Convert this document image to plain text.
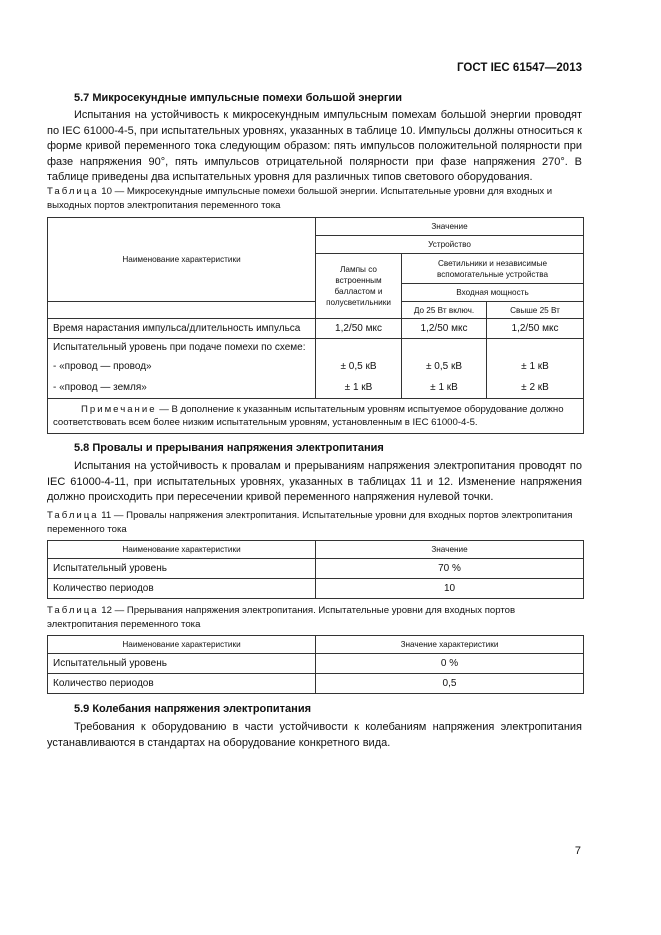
ГОСТ IEC 61547—2013
5.7 Микросекундные импульсные помехи большой энергии
Испытания на устойчивость к микросекундным импульсным помехам большой энергии проводят по IEC 61000-4-5, при испытательных уровнях, указанных в таблице 10. Импульсы должны относиться к форме кривой переменного тока следующим образом: пять импульсов положительной полярности при фазе напряжения 90°, пять импульсов отрицательной полярности при фазе напряжения 270°. В таблице приведены два испытательных уровня для различных типов светового оборудования.
Таблица 10 — Микросекундные импульсные помехи большой энергии. Испытательные уровни для входных и выходных портов электропитания переменного тока
Наименование характеристики	Значение		
	Устройство		
	Лампы со встроенным балластом и полусветильники	Светильники и независимые вспомогательные устройства	
		Входная мощность	
		До 25 Вт включ.	Свыше 25 Вт
Время нарастания импульса/длительность импульса	1,2/50 мкс	1,2/50 мкс	1,2/50 мкс
Испытательный уровень при подаче помехи по схеме:			
- «провод — провод»	± 0,5 кВ	± 0,5 кВ	± 1 кВ
- «провод — земля»	± 1 кВ	± 1 кВ	± 2 кВ
Примечание — В дополнение к указанным испытательным уровням испытуемое оборудование должно соответствовать всем более низким испытательным уровням, установленным в IEC 61000-4-5.			
5.8 Провалы и прерывания напряжения электропитания
Испытания на устойчивость к провалам и прерываниям напряжения электропитания проводят по IEC 61000-4-11, при испытательных уровнях, указанных в таблицах 11 и 12. Изменение напряжения должно происходить при пересечении кривой переменного напряжения нулевой точки.
Таблица 11 — Провалы напряжения электропитания. Испытательные уровни для входных портов электропитания переменного тока
Наименование характеристики	Значение
Испытательный уровень	70 %
Количество периодов	10
Таблица 12 — Прерывания напряжения электропитания. Испытательные уровни для входных портов электропитания переменного тока
Наименование характеристики	Значение характеристики
Испытательный уровень	0 %
Количество периодов	0,5
5.9 Колебания напряжения электропитания
Требования к оборудованию в части устойчивости к колебаниям напряжения электропитания устанавливаются в стандартах на оборудование конкретного вида.
7
